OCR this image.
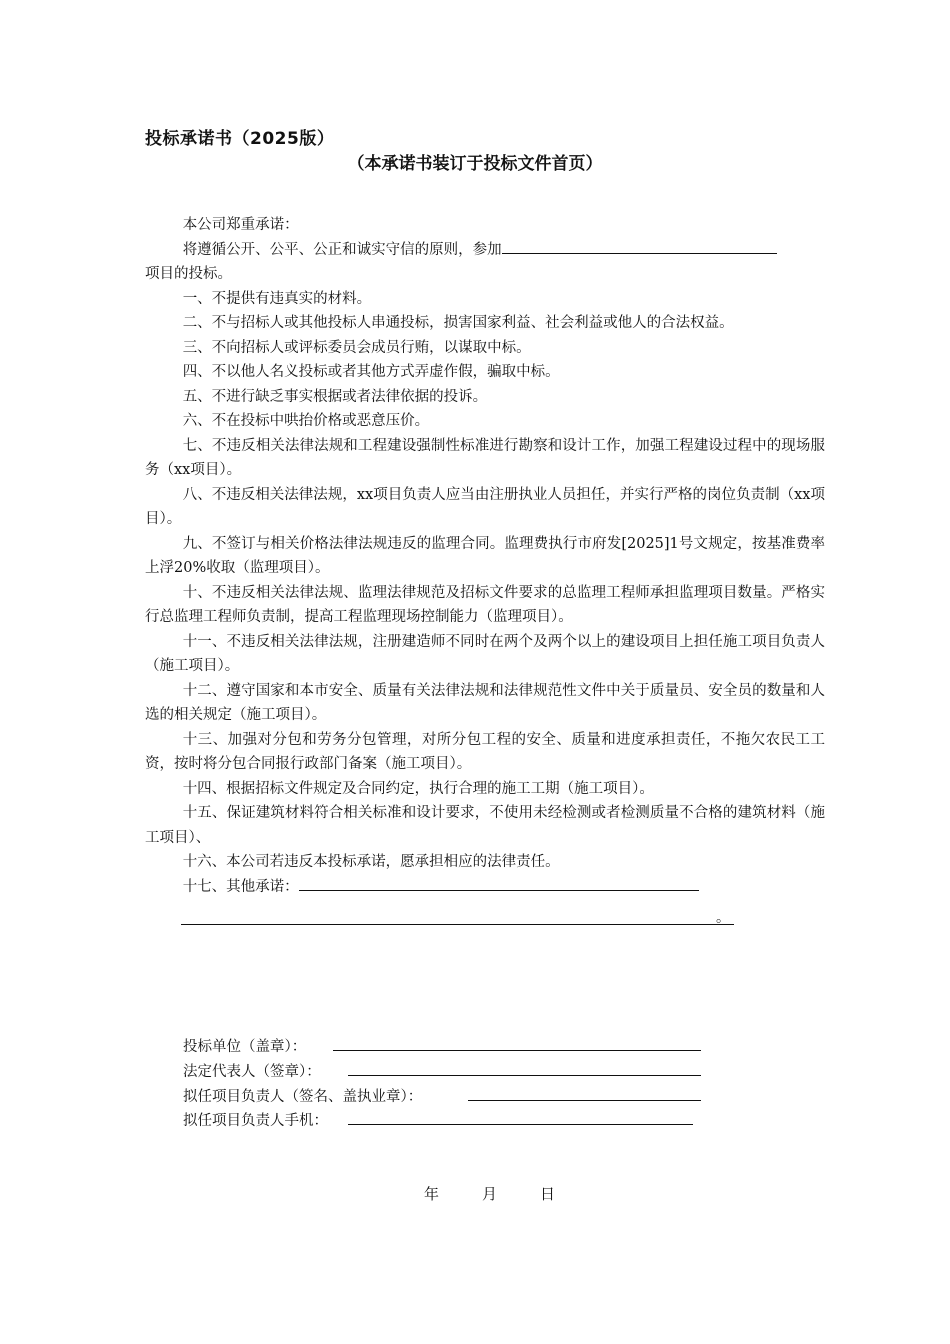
投标承诺书（2025版）
（本承诺书装订于投标文件首页）

本公司郑重承诺：

将遵循公开、公平、公正和诚实守信的原则，参加

项目的投标。

一、不提供有违真实的材料。

二、不与招标人或其他投标人串通投标，损害国家利益、社会利益或他人的合法权益。

三、不向招标人或评标委员会成员行贿，以谋取中标。

四、不以他人名义投标或者其他方式弄虚作假，骗取中标。

五、不进行缺乏事实根据或者法律依据的投诉。

六、不在投标中哄抬价格或恶意压价。

七、不违反相关法律法规和工程建设强制性标准进行勘察和设计工作，加强工程建设过程中的现场服务（xx项目）。

八、不违反相关法律法规，xx项目负责人应当由注册执业人员担任，并实行严格的岗位负责制（xx项目）。

九、不签订与相关价格法律法规违反的监理合同。监理费执行市府发[2025]1号文规定，按基准费率上浮20%收取（监理项目）。

十、不违反相关法律法规、监理法律规范及招标文件要求的总监理工程师承担监理项目数量。严格实行总监理工程师负责制，提高工程监理现场控制能力（监理项目）。

十一、不违反相关法律法规，注册建造师不同时在两个及两个以上的建设项目上担任施工项目负责人（施工项目）。

十二、遵守国家和本市安全、质量有关法律法规和法律规范性文件中关于质量员、安全员的数量和人选的相关规定（施工项目）。

十三、加强对分包和劳务分包管理，对所分包工程的安全、质量和进度承担责任，不拖欠农民工工资，按时将分包合同报行政部门备案（施工项目）。

十四、根据招标文件规定及合同约定，执行合理的施工工期（施工项目）。

十五、保证建筑材料符合相关标准和设计要求，不使用未经检测或者检测质量不合格的建筑材料（施工项目）、

十六、本公司若违反本投标承诺，愿承担相应的法律责任。

十七、其他承诺：

。
投标单位（盖章）：
法定代表人（签章）：
拟任项目负责人（签名、盖执业章）：
拟任项目负责人手机：
年	月	日
